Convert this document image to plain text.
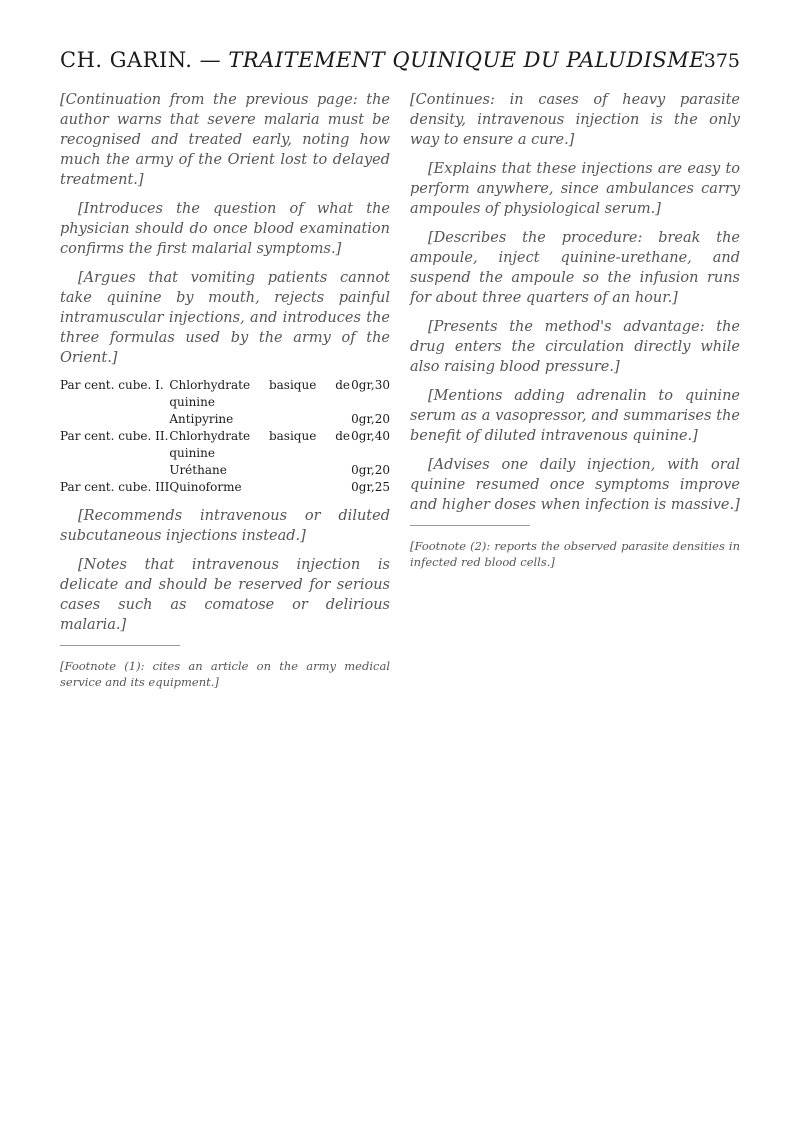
CH. GARIN. — TRAITEMENT QUINIQUE DU PALUDISME
375

[Continuation from the previous page: the author warns that severe malaria must be recognised and treated early, noting how much the army of the Orient lost to delayed treatment.]

[Introduces the question of what the physician should do once blood examination confirms the first malarial symptoms.]

[Argues that vomiting patients cannot take quinine by mouth, rejects painful intramuscular injections, and introduces the three formulas used by the army of the Orient.]

Par cent. cube. I.	Chlorhydrate basique de quinine	0gr,30
	Antipyrine	0gr,20
Par cent. cube. II.	Chlorhydrate basique de quinine	0gr,40
	Uréthane	0gr,20
Par cent. cube. III	Quinoforme	0gr,25

[Recommends intravenous or diluted subcutaneous injections instead.]

[Notes that intravenous injection is delicate and should be reserved for serious cases such as comatose or delirious malaria.]

[Footnote (1): cites an article on the army medical service and its equipment.]

[Continues: in cases of heavy parasite density, intravenous injection is the only way to ensure a cure.]

[Explains that these injections are easy to perform anywhere, since ambulances carry ampoules of physiological serum.]

[Describes the procedure: break the ampoule, inject quinine-urethane, and suspend the ampoule so the infusion runs for about three quarters of an hour.]

[Presents the method's advantage: the drug enters the circulation directly while also raising blood pressure.]

[Mentions adding adrenalin to quinine serum as a vasopressor, and summarises the benefit of diluted intravenous quinine.]

[Advises one daily injection, with oral quinine resumed once symptoms improve and higher doses when infection is massive.]

[Footnote (2): reports the observed parasite densities in infected red blood cells.]
